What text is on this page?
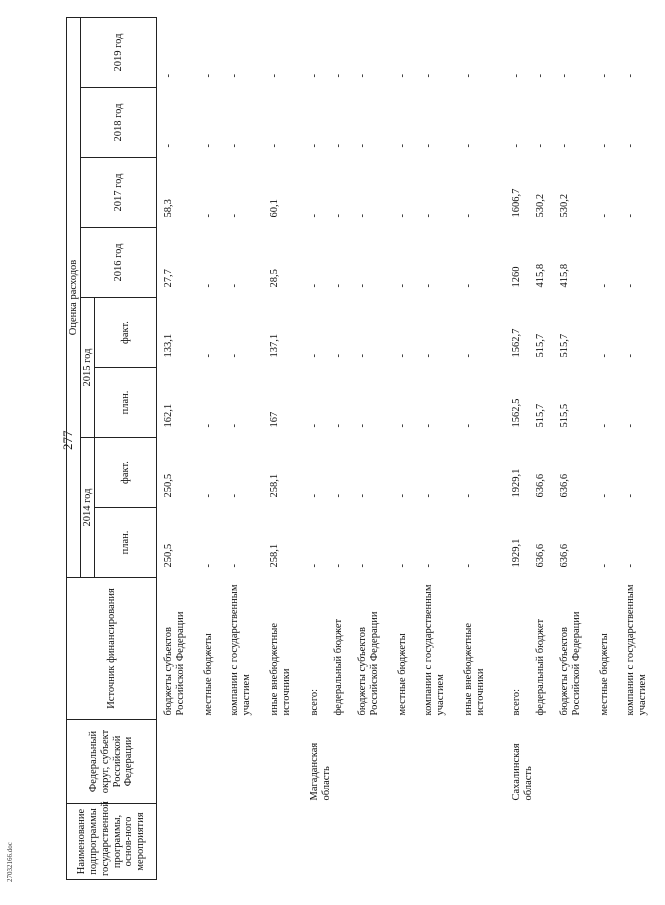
277
27032166.doc	Наименование подпрограммы государственной программы, основ-ного мероприятия	Федеральный округ, субъект Российской Федерации	Источник финансирования	Оценка расходов							
			2014 год		2015 год		2016 год	2017 год	2018 год	2019 год
			план.	факт.	план.	факт.				

		бюджеты субъектов Российской Федерации	250,5	250,5	162,1	133,1	27,7	58,3	-	-
		местные бюджеты	-	-	-	-	-	-	-	-
		компании с государственным участием	-	-	-	-	-	-	-	-
		иные внебюджетные источники	258,1	258,1	167	137,1	28,5	60,1	-	-
	Магаданская область	всего:	-	-	-	-	-	-	-	-
		федеральный бюджет	-	-	-	-	-	-	-	-
		бюджеты субъектов Российской Федерации	-	-	-	-	-	-	-	-
		местные бюджеты	-	-	-	-	-	-	-	-
		компании с государственным участием	-	-	-	-	-	-	-	-
		иные внебюджетные источники	-	-	-	-	-	-	-	-
	Сахалинская область	всего:	1929,1	1929,1	1562,5	1562,7	1260	1606,7	-	-
		федеральный бюджет	636,6	636,6	515,7	515,7	415,8	530,2	-	-
		бюджеты субъектов Российской Федерации	636,6	636,6	515,5	515,7	415,8	530,2	-	-
		местные бюджеты	-	-	-	-	-	-	-	-
		компании с государственным участием	-	-	-	-	-	-	-	-
